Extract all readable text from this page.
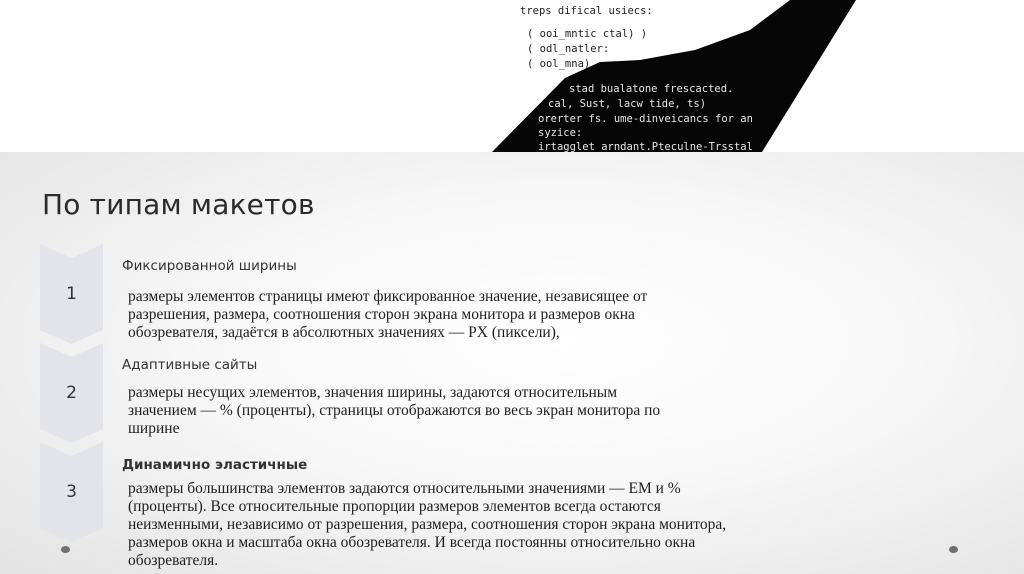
treps difical usiecs:
( ooi_mntic ctal) )
( odl_natler:
( ool_mna)
stad bualatone frescacted.
cal, Sust, lacw tide, ts)
orerter fs. ume-dinveicancs for an
syzice:
irtagglet arndant.Pteculne-Trsstal
По типам макетов
1
Фиксированной ширины
размеры элементов страницы имеют фиксированное значение, независящее от
разрешения, размера, соотношения сторон экрана монитора и размеров окна
обозревателя, задаётся в абсолютных значениях — PX (пиксели),
2
Адаптивные сайты
размеры несущих элементов, значения ширины, задаются относительным
значением — % (проценты), страницы отображаются во весь экран монитора по
ширине
3
Динамично эластичные
размеры большинства элементов задаются относительными значениями — EM и %
(проценты). Все относительные пропорции размеров элементов всегда остаются
неизменными, независимо от разрешения, размера, соотношения сторон экрана монитора,
размеров окна и масштаба окна обозревателя. И всегда постоянны относительно окна
обозревателя.
